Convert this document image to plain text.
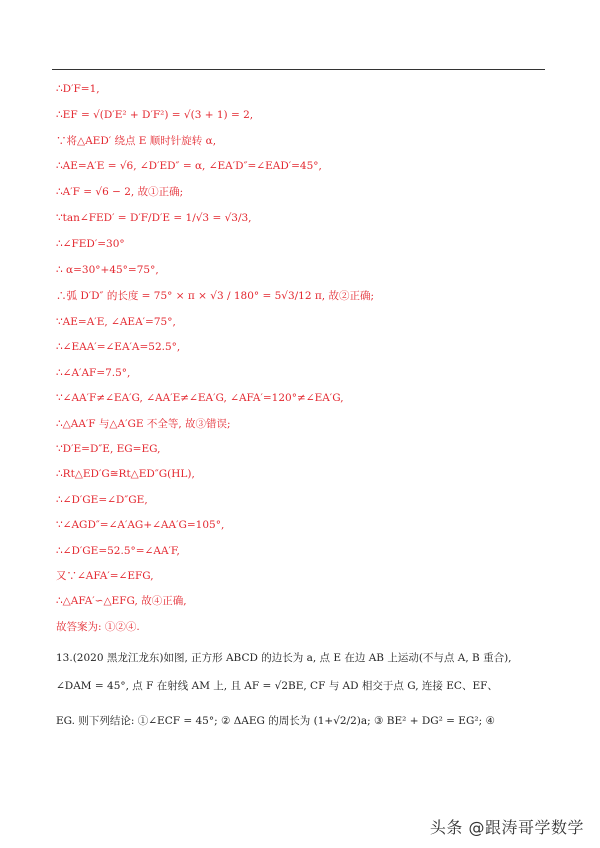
∴D′F=1,
∴EF = √(D′E² + D′F²) = √(3 + 1) = 2,
∵将△AED′ 绕点 E 顺时针旋转 α,
∴AE=A′E = √6, ∠D′ED″ = α, ∠EA′D″=∠EAD′=45°,
∴A′F = √6 − 2, 故①正确;
∵tan∠FED′ = D′F/D′E = 1/√3 = √3/3,
∴∠FED′=30°
∴ α=30°+45°=75°,
∴弧 D′D″ 的长度 = 75° × π × √3 / 180° = 5√3/12 π, 故②正确;
∵AE=A′E, ∠AEA′=75°,
∴∠EAA′=∠EA′A=52.5°,
∴∠A′AF=7.5°,
∵∠AA′F≠∠EA′G, ∠AA′E≠∠EA′G, ∠AFA′=120°≠∠EA′G,
∴△AA′F 与△A′GE 不全等, 故③错误;
∵D′E=D″E, EG=EG,
∴Rt△ED′G≅Rt△ED″G(HL),
∴∠D′GE=∠D″GE,
∵∠AGD″=∠A′AG+∠AA′G=105°,
∴∠D′GE=52.5°=∠AA′F,
又∵∠AFA′=∠EFG,
∴△AFA′∽△EFG, 故④正确,
故答案为: ①②④.
13.(2020 黑龙江龙东)如图, 正方形 ABCD 的边长为 a, 点 E 在边 AB 上运动(不与点 A, B 重合),
∠DAM = 45°, 点 F 在射线 AM 上, 且 AF = √2BE, CF 与 AD 相交于点 G, 连接 EC、EF、
EG. 则下列结论: ①∠ECF = 45°; ② ΔAEG 的周长为 (1+√2/2)a; ③ BE² + DG² = EG²; ④
头条 @跟涛哥学数学
